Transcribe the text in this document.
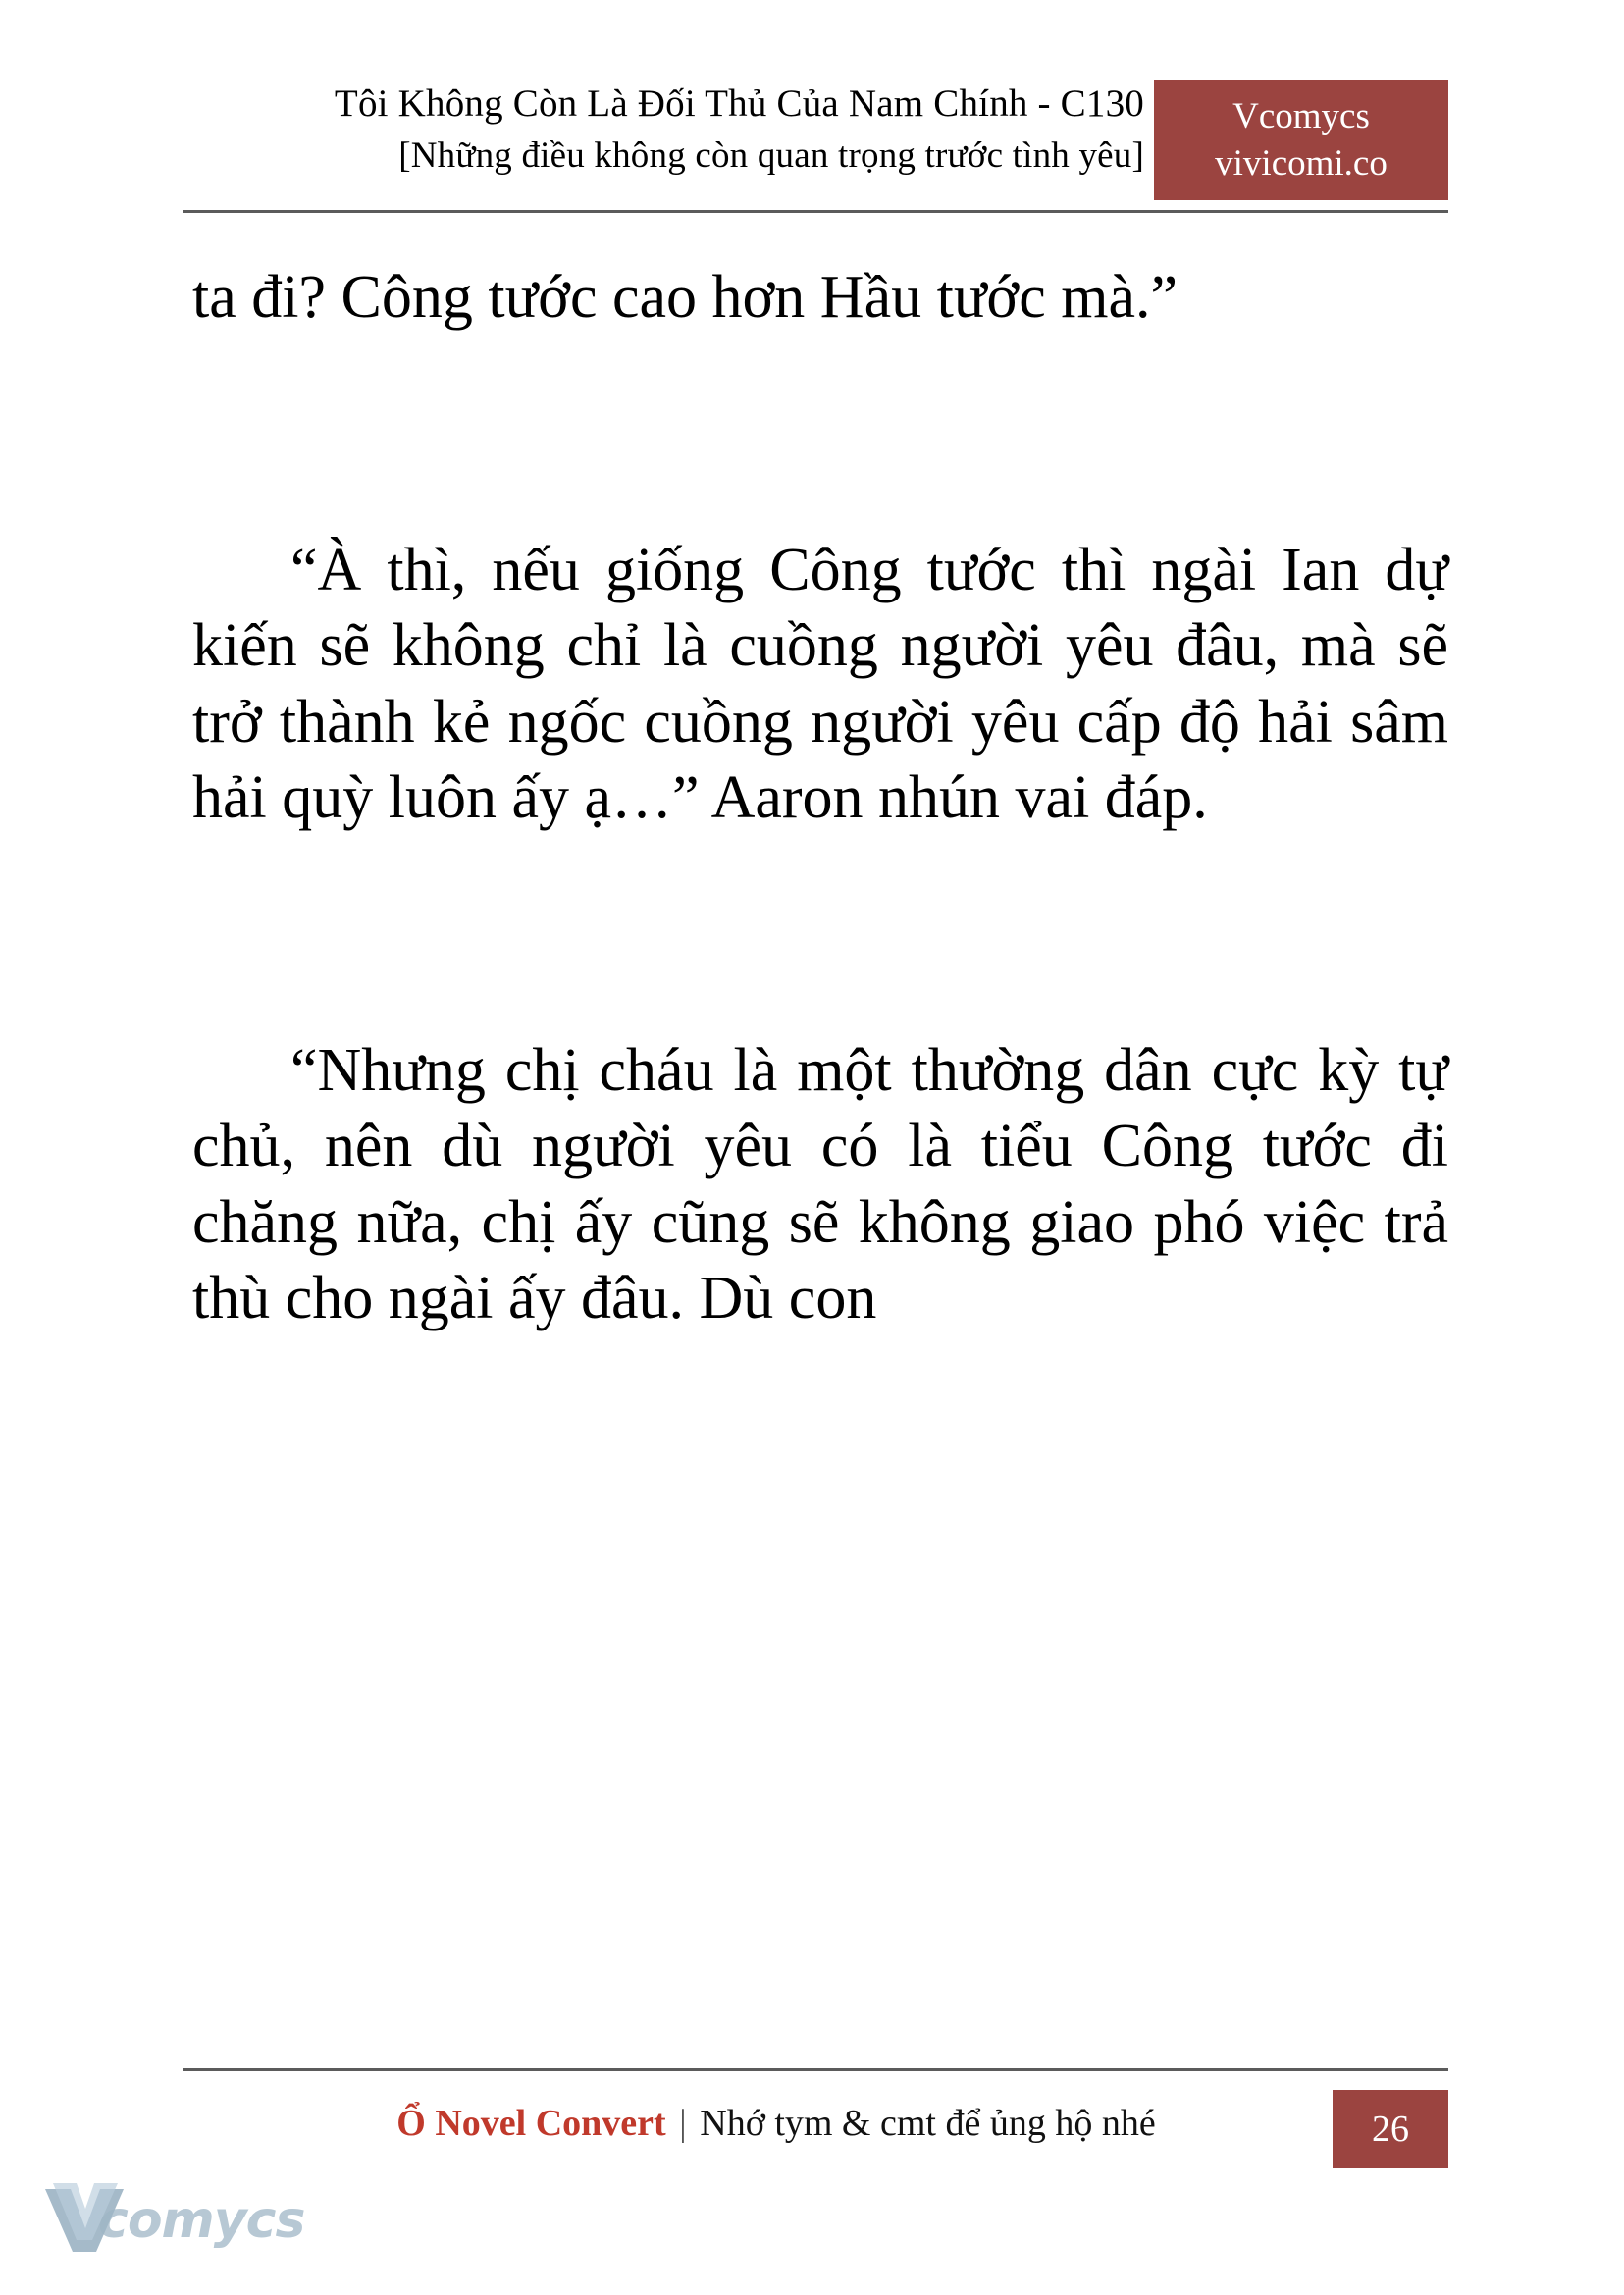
Tôi Không Còn Là Đối Thủ Của Nam Chính - C130
[Những điều không còn quan trọng trước tình yêu]
Vcomycs
vivicomi.co

ta đi? Công tước cao hơn Hầu tước mà.”

“À thì, nếu giống Công tước thì ngài Ian dự kiến sẽ không chỉ là cuồng người yêu đâu, mà sẽ trở thành kẻ ngốc cuồng người yêu cấp độ hải sâm hải quỳ luôn ấy ạ…” Aaron nhún vai đáp.

“Nhưng chị cháu là một thường dân cực kỳ tự chủ, nên dù người yêu có là tiểu Công tước đi chăng nữa, chị ấy cũng sẽ không giao phó việc trả thù cho ngài ấy đâu. Dù con

Ổ Novel Convert | Nhớ tym & cmt để ủng hộ nhé	26
comycs
